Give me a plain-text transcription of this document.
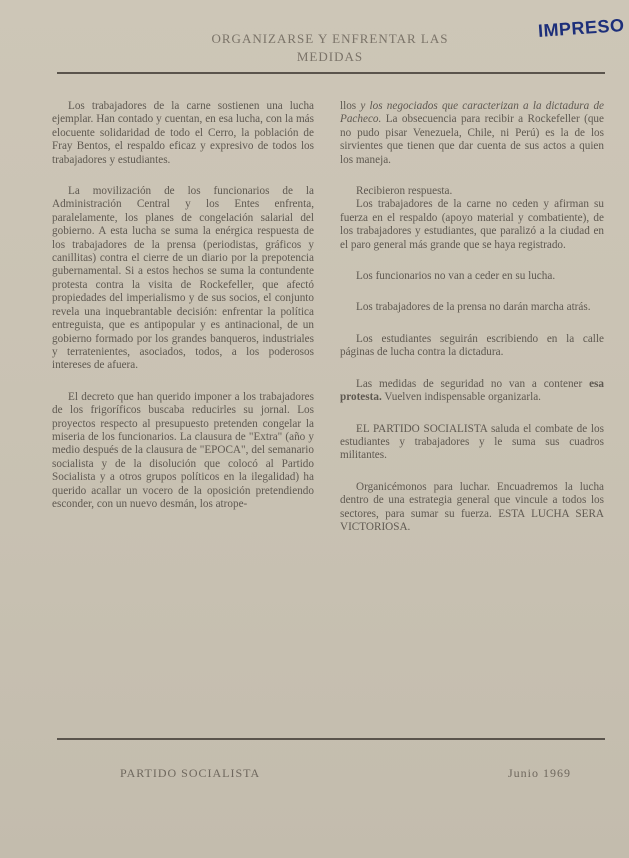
IMPRESO
ORGANIZARSE Y ENFRENTAR LAS
MEDIDAS

Los trabajadores de la carne sostienen una lucha ejemplar. Han contado y cuentan, en esa lucha, con la más elocuente solidaridad de todo el Cerro, la población de Fray Bentos, el respaldo eficaz y expresivo de todos los trabajadores y estudiantes.

La movilización de los funcionarios de la Administración Central y los Entes enfrenta, paralelamente, los planes de congelación salarial del gobierno. A esta lucha se suma la enérgica respuesta de los trabajadores de la prensa (periodistas, gráficos y canillitas) contra el cierre de un diario por la prepotencia gubernamental. Si a estos hechos se suma la contundente protesta contra la visita de Rockefeller, que afectó propiedades del imperialismo y de sus socios, el conjunto revela una inquebrantable decisión: enfrentar la política entreguista, que es antipopular y es antinacional, de un gobierno formado por los grandes banqueros, industriales y terratenientes, asociados, todos, a los poderosos intereses de afuera.

El decreto que han querido imponer a los trabajadores de los frigoríficos buscaba reducirles su jornal. Los proyectos respecto al presupuesto pretenden congelar la miseria de los funcionarios. La clausura de "Extra" (año y medio después de la clausura de "EPOCA", del semanario socialista y de la disolución que colocó al Partido Socialista y a otros grupos políticos en la ilegalidad) ha querido acallar un vocero de la oposición pretendiendo esconder, con un nuevo desmán, los atrope-

llos y los negociados que caracterizan a la dictadura de Pacheco. La obsecuencia para recibir a Rockefeller (que no pudo pisar Venezuela, Chile, ni Perú) es la de los sirvientes que tienen que dar cuenta de sus actos a quien los maneja.

Recibieron respuesta.

Los trabajadores de la carne no ceden y afirman su fuerza en el respaldo (apoyo material y combatiente), de los trabajadores y estudiantes, que paralizó a la ciudad en el paro general más grande que se haya registrado.

Los funcionarios no van a ceder en su lucha.

Los trabajadores de la prensa no darán marcha atrás.

Los estudiantes seguirán escribiendo en la calle páginas de lucha contra la dictadura.

Las medidas de seguridad no van a contener esa protesta. Vuelven indispensable organizarla.

EL PARTIDO SOCIALISTA saluda el combate de los estudiantes y trabajadores y le suma sus cuadros militantes.

Organicémonos para luchar. Encuadremos la lucha dentro de una estrategia general que vincule a todos los sectores, para sumar su fuerza. ESTA LUCHA SERA VICTORIOSA.

PARTIDO SOCIALISTA	Junio 1969
